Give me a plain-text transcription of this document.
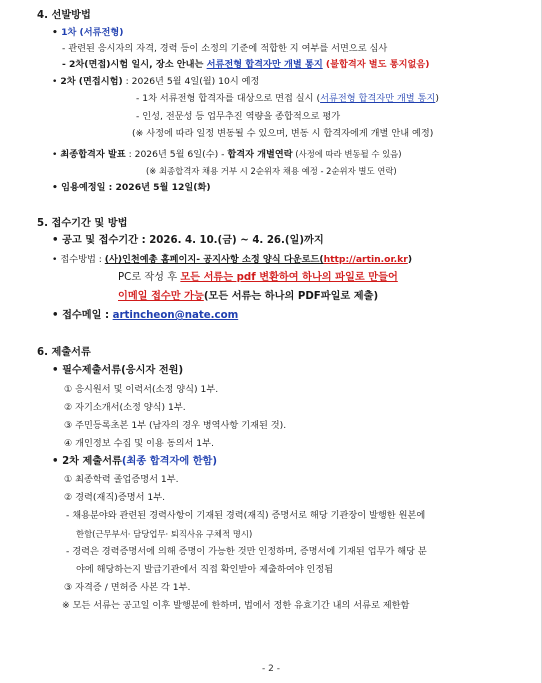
4. 선발방법
• 1차 (서류전형)
- 관련된 응시자의 자격, 경력 등이 소정의 기준에 적합한 지 여부를 서면으로 심사
- 2차(면접)시험 일시, 장소 안내는 서류전형 합격자만 개별 통지 (불합격자 별도 통지없음)
• 2차 (면접시험) : 2026년 5월 4일(월) 10시 예정
- 1차 서류전형 합격자를 대상으로 면접 실시 (서류전형 합격자만 개별 통지)
- 인성, 전문성 등 업무추진 역량을 종합적으로 평가
(※ 사정에 따라 일정 변동될 수 있으며, 변동 시 합격자에게 개별 안내 예정)
• 최종합격자 발표 : 2026년 5월 6일(수) - 합격자 개별연락 (사정에 따라 변동될 수 있음)
(※ 최종합격자 채용 거부 시 2순위자 채용 예정 - 2순위자 별도 연락)
• 임용예정일 : 2026년 5월 12일(화)
5. 접수기간 및 방법
• 공고 및 접수기간 : 2026. 4. 10.(금) ~ 4. 26.(일)까지
• 접수방법 : (사)인천예총 홈페이지- 공지사항 소정 양식 다운로드(http://artin.or.kr)
PC로 작성 후 모든 서류는 pdf 변환하여 하나의 파일로 만들어
이메일 접수만 가능(모든 서류는 하나의 PDF파일로 제출)
• 접수메일 : artincheon@nate.com
6. 제출서류
• 필수제출서류(응시자 전원)
① 응시원서 및 이력서(소정 양식) 1부.
② 자기소개서(소정 양식) 1부.
③ 주민등록초본 1부 (남자의 경우 병역사항 기재된 것).
④ 개인정보 수집 및 이용 동의서 1부.
• 2차 제출서류(최종 합격자에 한함)
① 최종학력 졸업증명서 1부.
② 경력(재직)증명서 1부.
- 채용분야와 관련된 경력사항이 기재된 경력(재직) 증명서로 해당 기관장이 발행한 원본에
한함(근무부서· 담당업무· 퇴직사유 구체적 명시)
- 경력은 경력증명서에 의해 증명이 가능한 것만 인정하며, 증명서에 기재된 업무가 해당 분
야에 해당하는지 발급기관에서 직접 확인받아 제출하여야 인정됨
③ 자격증 / 면허증 사본 각 1부.
※ 모든 서류는 공고일 이후 발행분에 한하며, 법에서 정한 유효기간 내의 서류로 제한함
- 2 -
